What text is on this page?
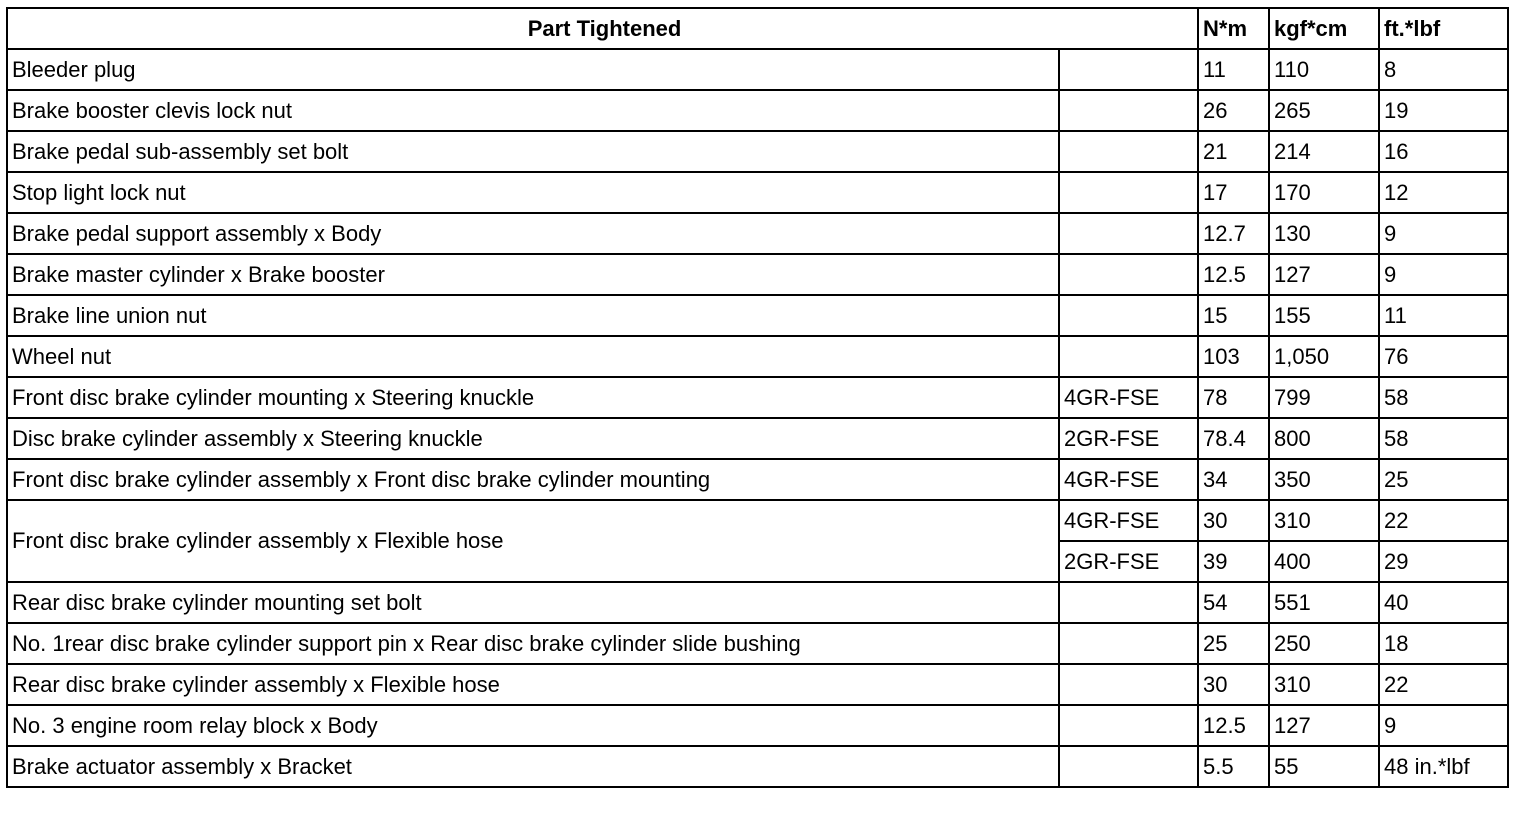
Part Tightened		N*m	kgf*cm	ft.*lbf
Bleeder plug		11	110	8
Brake booster clevis lock nut		26	265	19
Brake pedal sub-assembly set bolt		21	214	16
Stop light lock nut		17	170	12
Brake pedal support assembly x Body		12.7	130	9
Brake master cylinder x Brake booster		12.5	127	9
Brake line union nut		15	155	11
Wheel nut		103	1,050	76
Front disc brake cylinder mounting x Steering knuckle	4GR-FSE	78	799	58
Disc brake cylinder assembly x Steering knuckle	2GR-FSE	78.4	800	58
Front disc brake cylinder assembly x Front disc brake cylinder mounting	4GR-FSE	34	350	25
Front disc brake cylinder assembly x Flexible hose	4GR-FSE	30	310	22
	2GR-FSE	39	400	29
Rear disc brake cylinder mounting set bolt		54	551	40
No. 1rear disc brake cylinder support pin x Rear disc brake cylinder slide bushing		25	250	18
Rear disc brake cylinder assembly x Flexible hose		30	310	22
No. 3 engine room relay block x Body		12.5	127	9
Brake actuator assembly x Bracket		5.5	55	48 in.*lbf
